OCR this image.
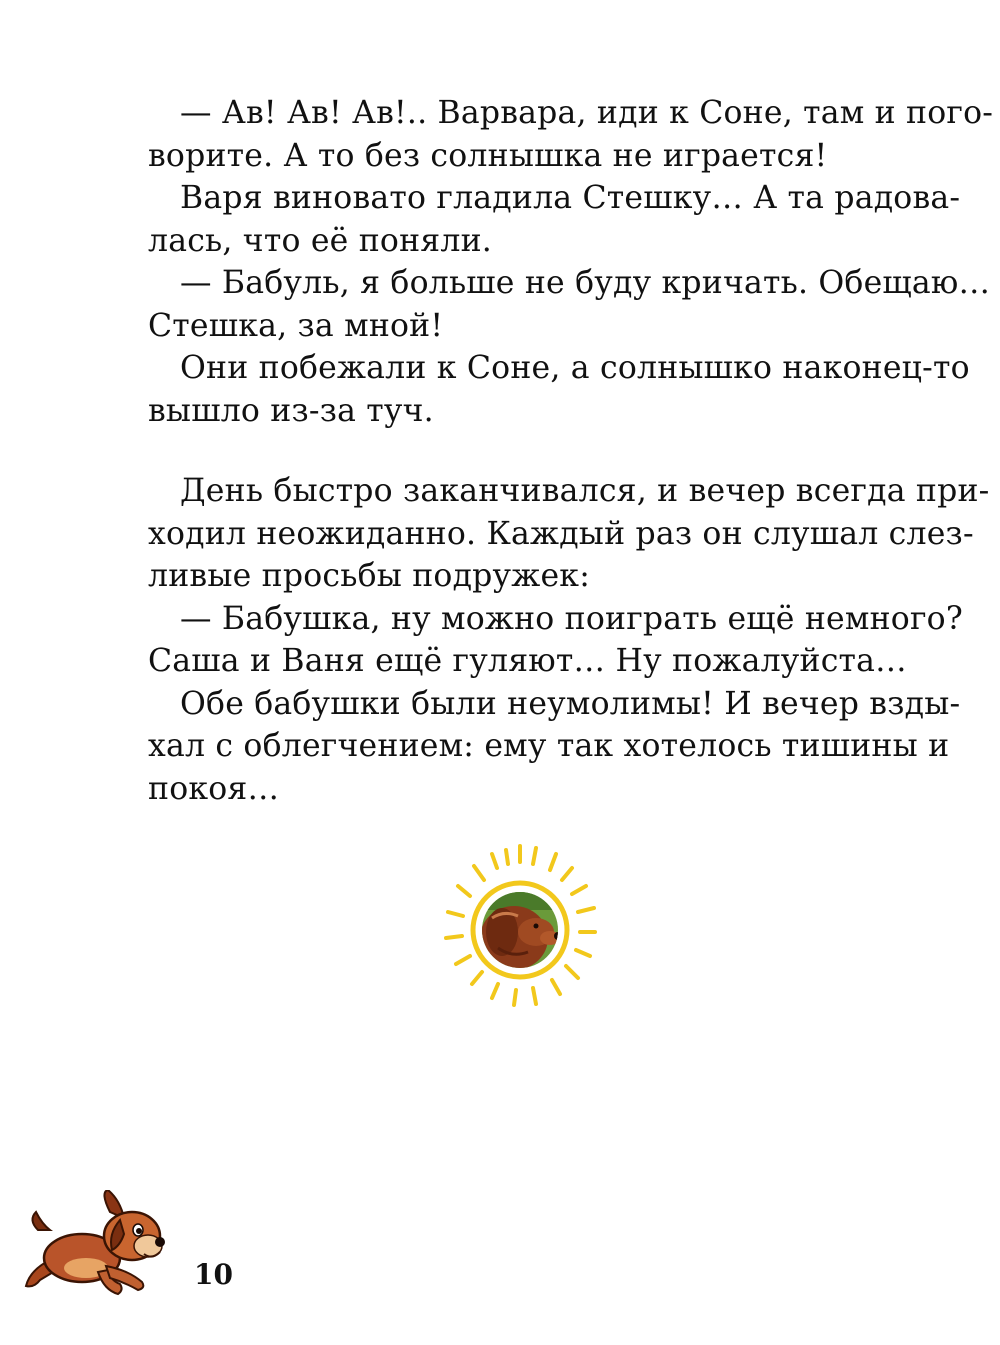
— Ав! Ав! Ав!.. Варвара, иди к Соне, там и пого-
ворите. А то без солнышка не играется!
Варя виновато гладила Стешку… А та радова-
лась, что её поняли.
— Бабуль, я больше не буду кричать. Обещаю…
Стешка, за мной!
Они побежали к Соне, а солнышко наконец-то
вышло из-за туч.
День быстро заканчивался, и вечер всегда при-
ходил неожиданно. Каждый раз он слушал слез-
ливые просьбы подружек:
— Бабушка, ну можно поиграть ещё немного?
Саша и Ваня ещё гуляют… Ну пожалуйста…
Обе бабушки были неумолимы! И вечер взды-
хал с облегчением: ему так хотелось тишины и
покоя…
10
